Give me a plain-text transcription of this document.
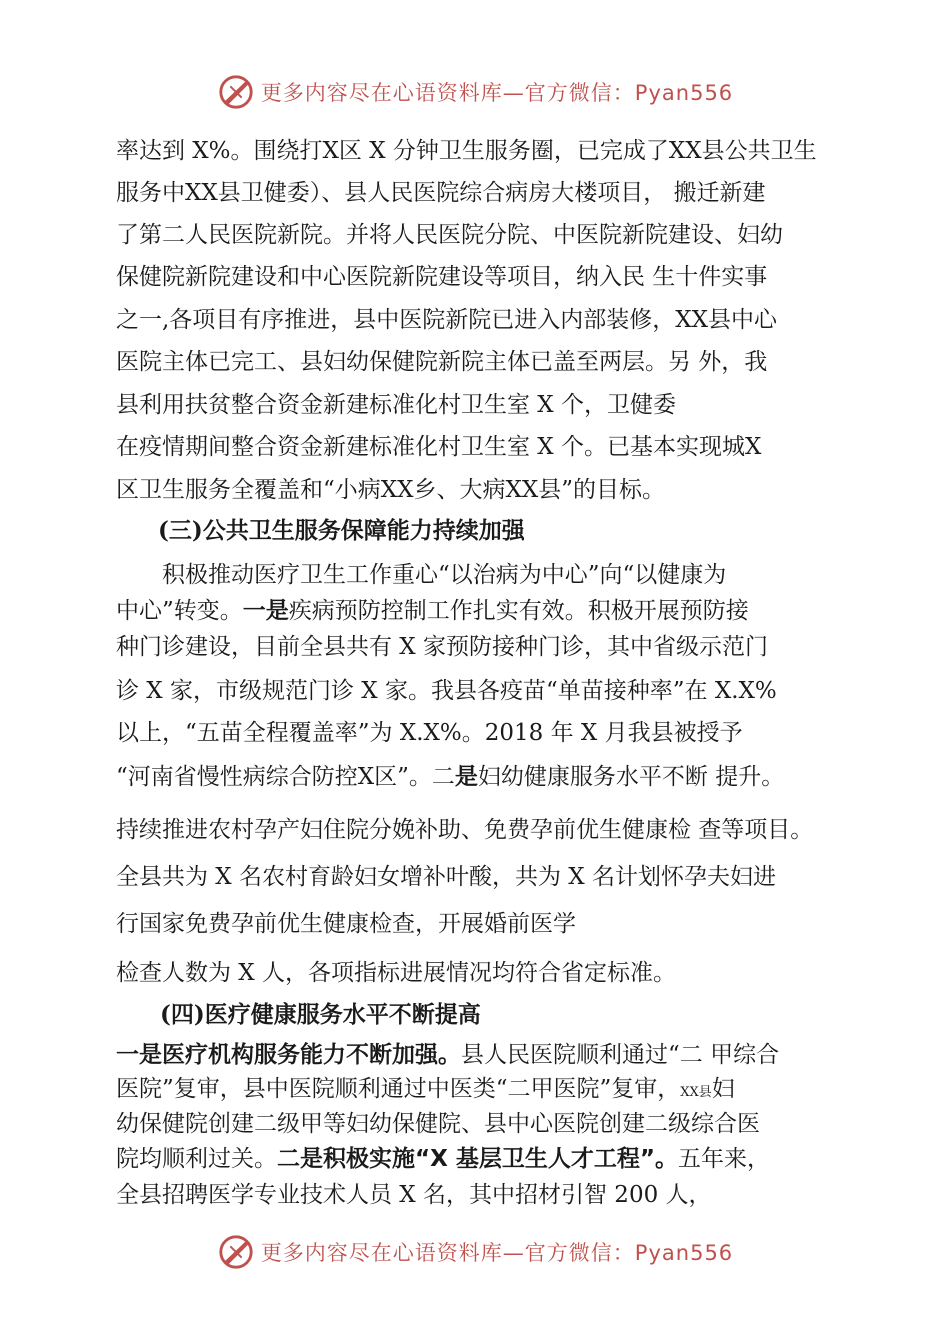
更多内容尽在心语资料库—官方微信：Pyan556
率达到 X%。围绕打X区 X 分钟卫生服务圈，已完成了XX县公共卫生
服务中XX县卫健委）、县人民医院综合病房大楼项目， 搬迁新建
了第二人民医院新院。并将人民医院分院、中医院新院建设、妇幼
保健院新院建设和中心医院新院建设等项目，纳入民 生十件实事
之一,各项目有序推进，县中医院新院已进入内部装修，XX县中心
医院主体已完工、县妇幼保健院新院主体已盖至两层。另 外，我
县利用扶贫整合资金新建标准化村卫生室 X 个，卫健委
在疫情期间整合资金新建标准化村卫生室 X 个。已基本实现城X
区卫生服务全覆盖和“小病XX乡、大病XX县”的目标。
(三)公共卫生服务保障能力持续加强
积极推动医疗卫生工作重心“以治病为中心”向“以健康为
中心”转变。一是疾病预防控制工作扎实有效。积极开展预防接
种门诊建设，目前全县共有 X 家预防接种门诊，其中省级示范门
诊 X 家，市级规范门诊 X 家。我县各疫苗“单苗接种率”在 X.X%
以上，“五苗全程覆盖率”为 X.X%。2018 年 X 月我县被授予
“河南省慢性病综合防控X区”。二是妇幼健康服务水平不断 提升。
持续推进农村孕产妇住院分娩补助、免费孕前优生健康检 查等项目。
全县共为 X 名农村育龄妇女增补叶酸，共为 X 名计划怀孕夫妇进
行国家免费孕前优生健康检查，开展婚前医学
检查人数为 X 人，各项指标进展情况均符合省定标准。
(四)医疗健康服务水平不断提高
一是医疗机构服务能力不断加强。县人民医院顺利通过“二 甲综合
医院”复审，县中医院顺利通过中医类“二甲医院”复审，XX县妇
幼保健院创建二级甲等妇幼保健院、县中心医院创建二级综合医
院均顺利过关。二是积极实施“X 基层卫生人才工程”。五年来，
全县招聘医学专业技术人员 X 名，其中招材引智 200 人，
更多内容尽在心语资料库—官方微信：Pyan556
